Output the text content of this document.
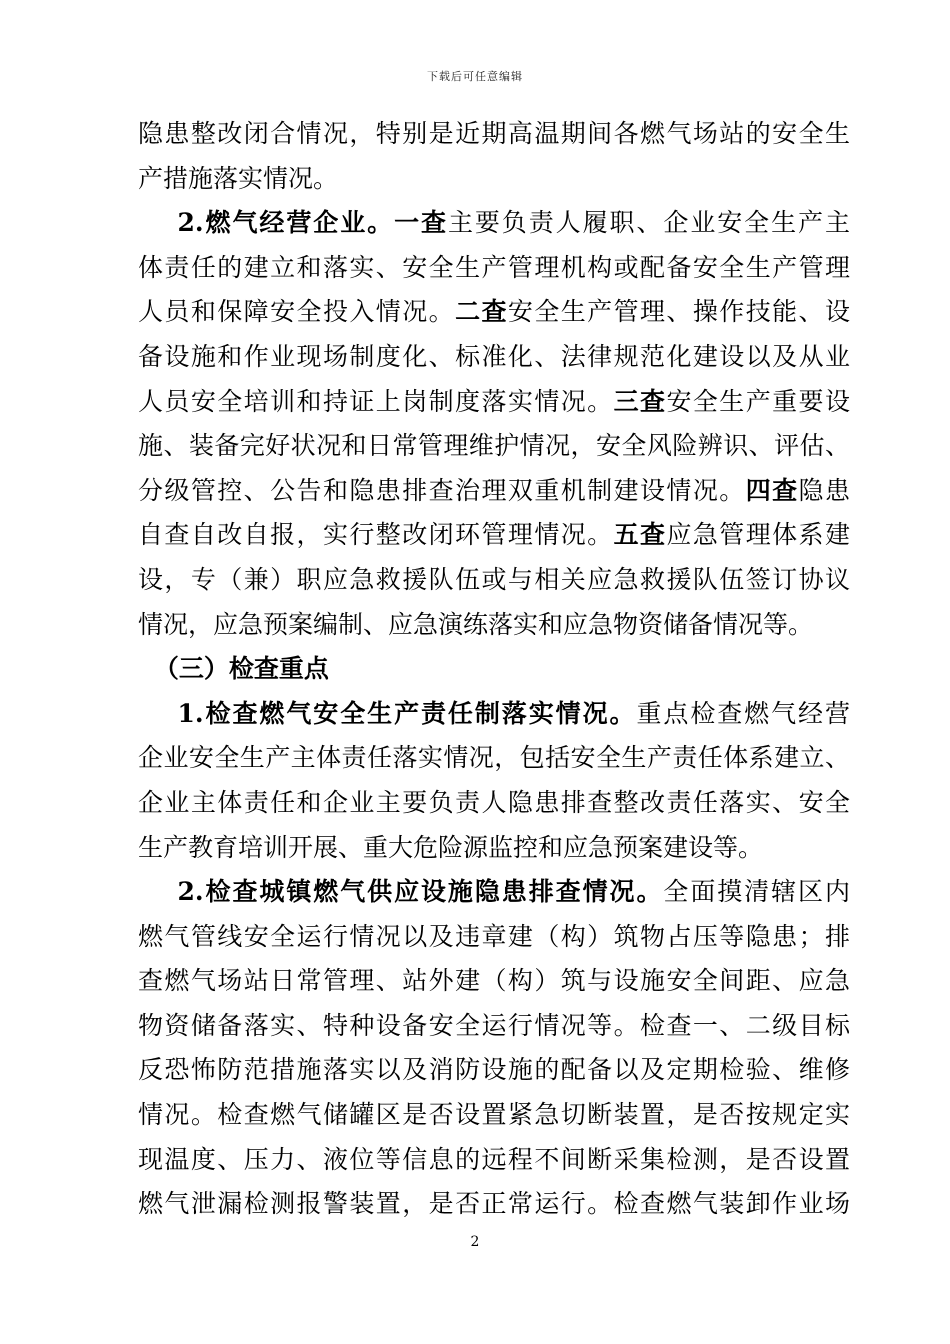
下载后可任意编辑
隐患整改闭合情况，特别是近期高温期间各燃气场站的安全生
产措施落实情况。
2.燃气经营企业。一查主要负责人履职、企业安全生产主
体责任的建立和落实、安全生产管理机构或配备安全生产管理
人员和保障安全投入情况。二查安全生产管理、操作技能、设
备设施和作业现场制度化、标准化、法律规范化建设以及从业
人员安全培训和持证上岗制度落实情况。三查安全生产重要设
施、装备完好状况和日常管理维护情况，安全风险辨识、评估、
分级管控、公告和隐患排查治理双重机制建设情况。四查隐患
自查自改自报，实行整改闭环管理情况。五查应急管理体系建
设，专（兼）职应急救援队伍或与相关应急救援队伍签订协议
情况，应急预案编制、应急演练落实和应急物资储备情况等。
（三）检查重点
1.检查燃气安全生产责任制落实情况。重点检查燃气经营
企业安全生产主体责任落实情况，包括安全生产责任体系建立、
企业主体责任和企业主要负责人隐患排查整改责任落实、安全
生产教育培训开展、重大危险源监控和应急预案建设等。
2.检查城镇燃气供应设施隐患排查情况。全面摸清辖区内
燃气管线安全运行情况以及违章建（构）筑物占压等隐患；排
查燃气场站日常管理、站外建（构）筑与设施安全间距、应急
物资储备落实、特种设备安全运行情况等。检查一、二级目标
反恐怖防范措施落实以及消防设施的配备以及定期检验、维修
情况。检查燃气储罐区是否设置紧急切断装置，是否按规定实
现温度、压力、液位等信息的远程不间断采集检测，是否设置
燃气泄漏检测报警装置，是否正常运行。检查燃气装卸作业场
2
